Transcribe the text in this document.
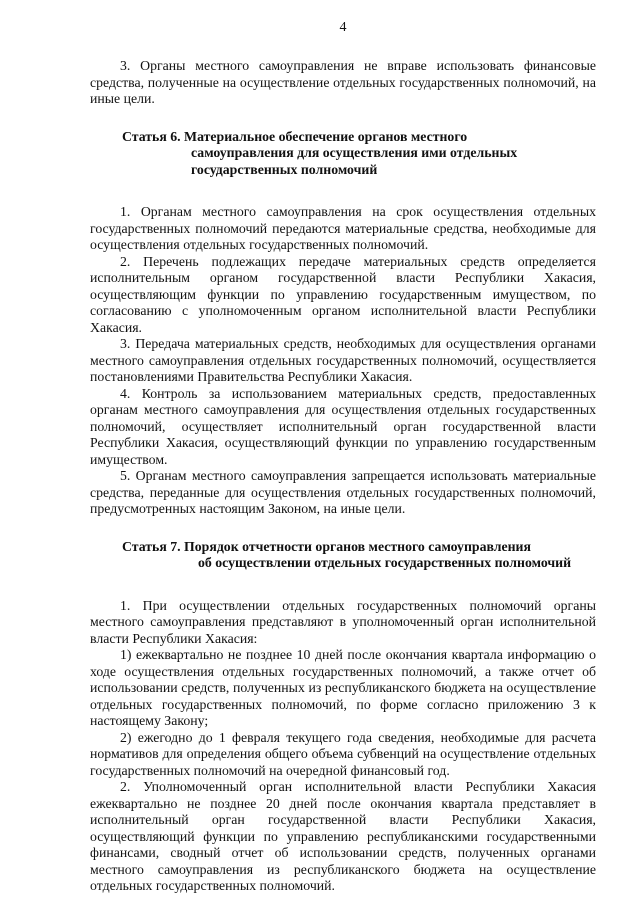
4

3. Органы местного самоуправления не вправе использовать финансовые средства, полученные на осуществление отдельных государственных полномочий, на иные цели.

Статья 6. Материальное обеспечение органов местного
самоуправления для осуществления ими отдельных
государственных полномочий

1. Органам местного самоуправления на срок осуществления отдельных государственных полномочий передаются материальные средства, необходимые для осуществления отдельных государственных полномочий.

2. Перечень подлежащих передаче материальных средств определяется исполнительным органом государственной власти Республики Хакасия, осуществляющим функции по управлению государственным имуществом, по согласованию с уполномоченным органом исполнительной власти Республики Хакасия.

3. Передача материальных средств, необходимых для осуществления органами местного самоуправления отдельных государственных полномочий, осуществляется постановлениями Правительства Республики Хакасия.

4. Контроль за использованием материальных средств, предоставленных органам местного самоуправления для осуществления отдельных государственных полномочий, осуществляет исполнительный орган государственной власти Республики Хакасия, осуществляющий функции по управлению государственным имуществом.

5. Органам местного самоуправления запрещается использовать материальные средства, переданные для осуществления отдельных государственных полномочий, предусмотренных настоящим Законом, на иные цели.

Статья 7. Порядок отчетности органов местного самоуправления
об осуществлении отдельных государственных полномочий

1. При осуществлении отдельных государственных полномочий органы местного самоуправления представляют в уполномоченный орган исполнительной власти Республики Хакасия:

1) ежеквартально не позднее 10 дней после окончания квартала информацию о ходе осуществления отдельных государственных полномочий, а также отчет об использовании средств, полученных из республиканского бюджета на осуществление отдельных государственных полномочий, по форме согласно приложению 3 к настоящему Закону;

2) ежегодно до 1 февраля текущего года сведения, необходимые для расчета нормативов для определения общего объема субвенций на осуществление отдельных государственных полномочий на очередной финансовый год.

2. Уполномоченный орган исполнительной власти Республики Хакасия ежеквартально не позднее 20 дней после окончания квартала представляет в исполнительный орган государственной власти Республики Хакасия, осуществляющий функции по управлению республиканскими государственными финансами, сводный отчет об использовании средств, полученных органами местного самоуправления из республиканского бюджета на осуществление отдельных государственных полномочий.
